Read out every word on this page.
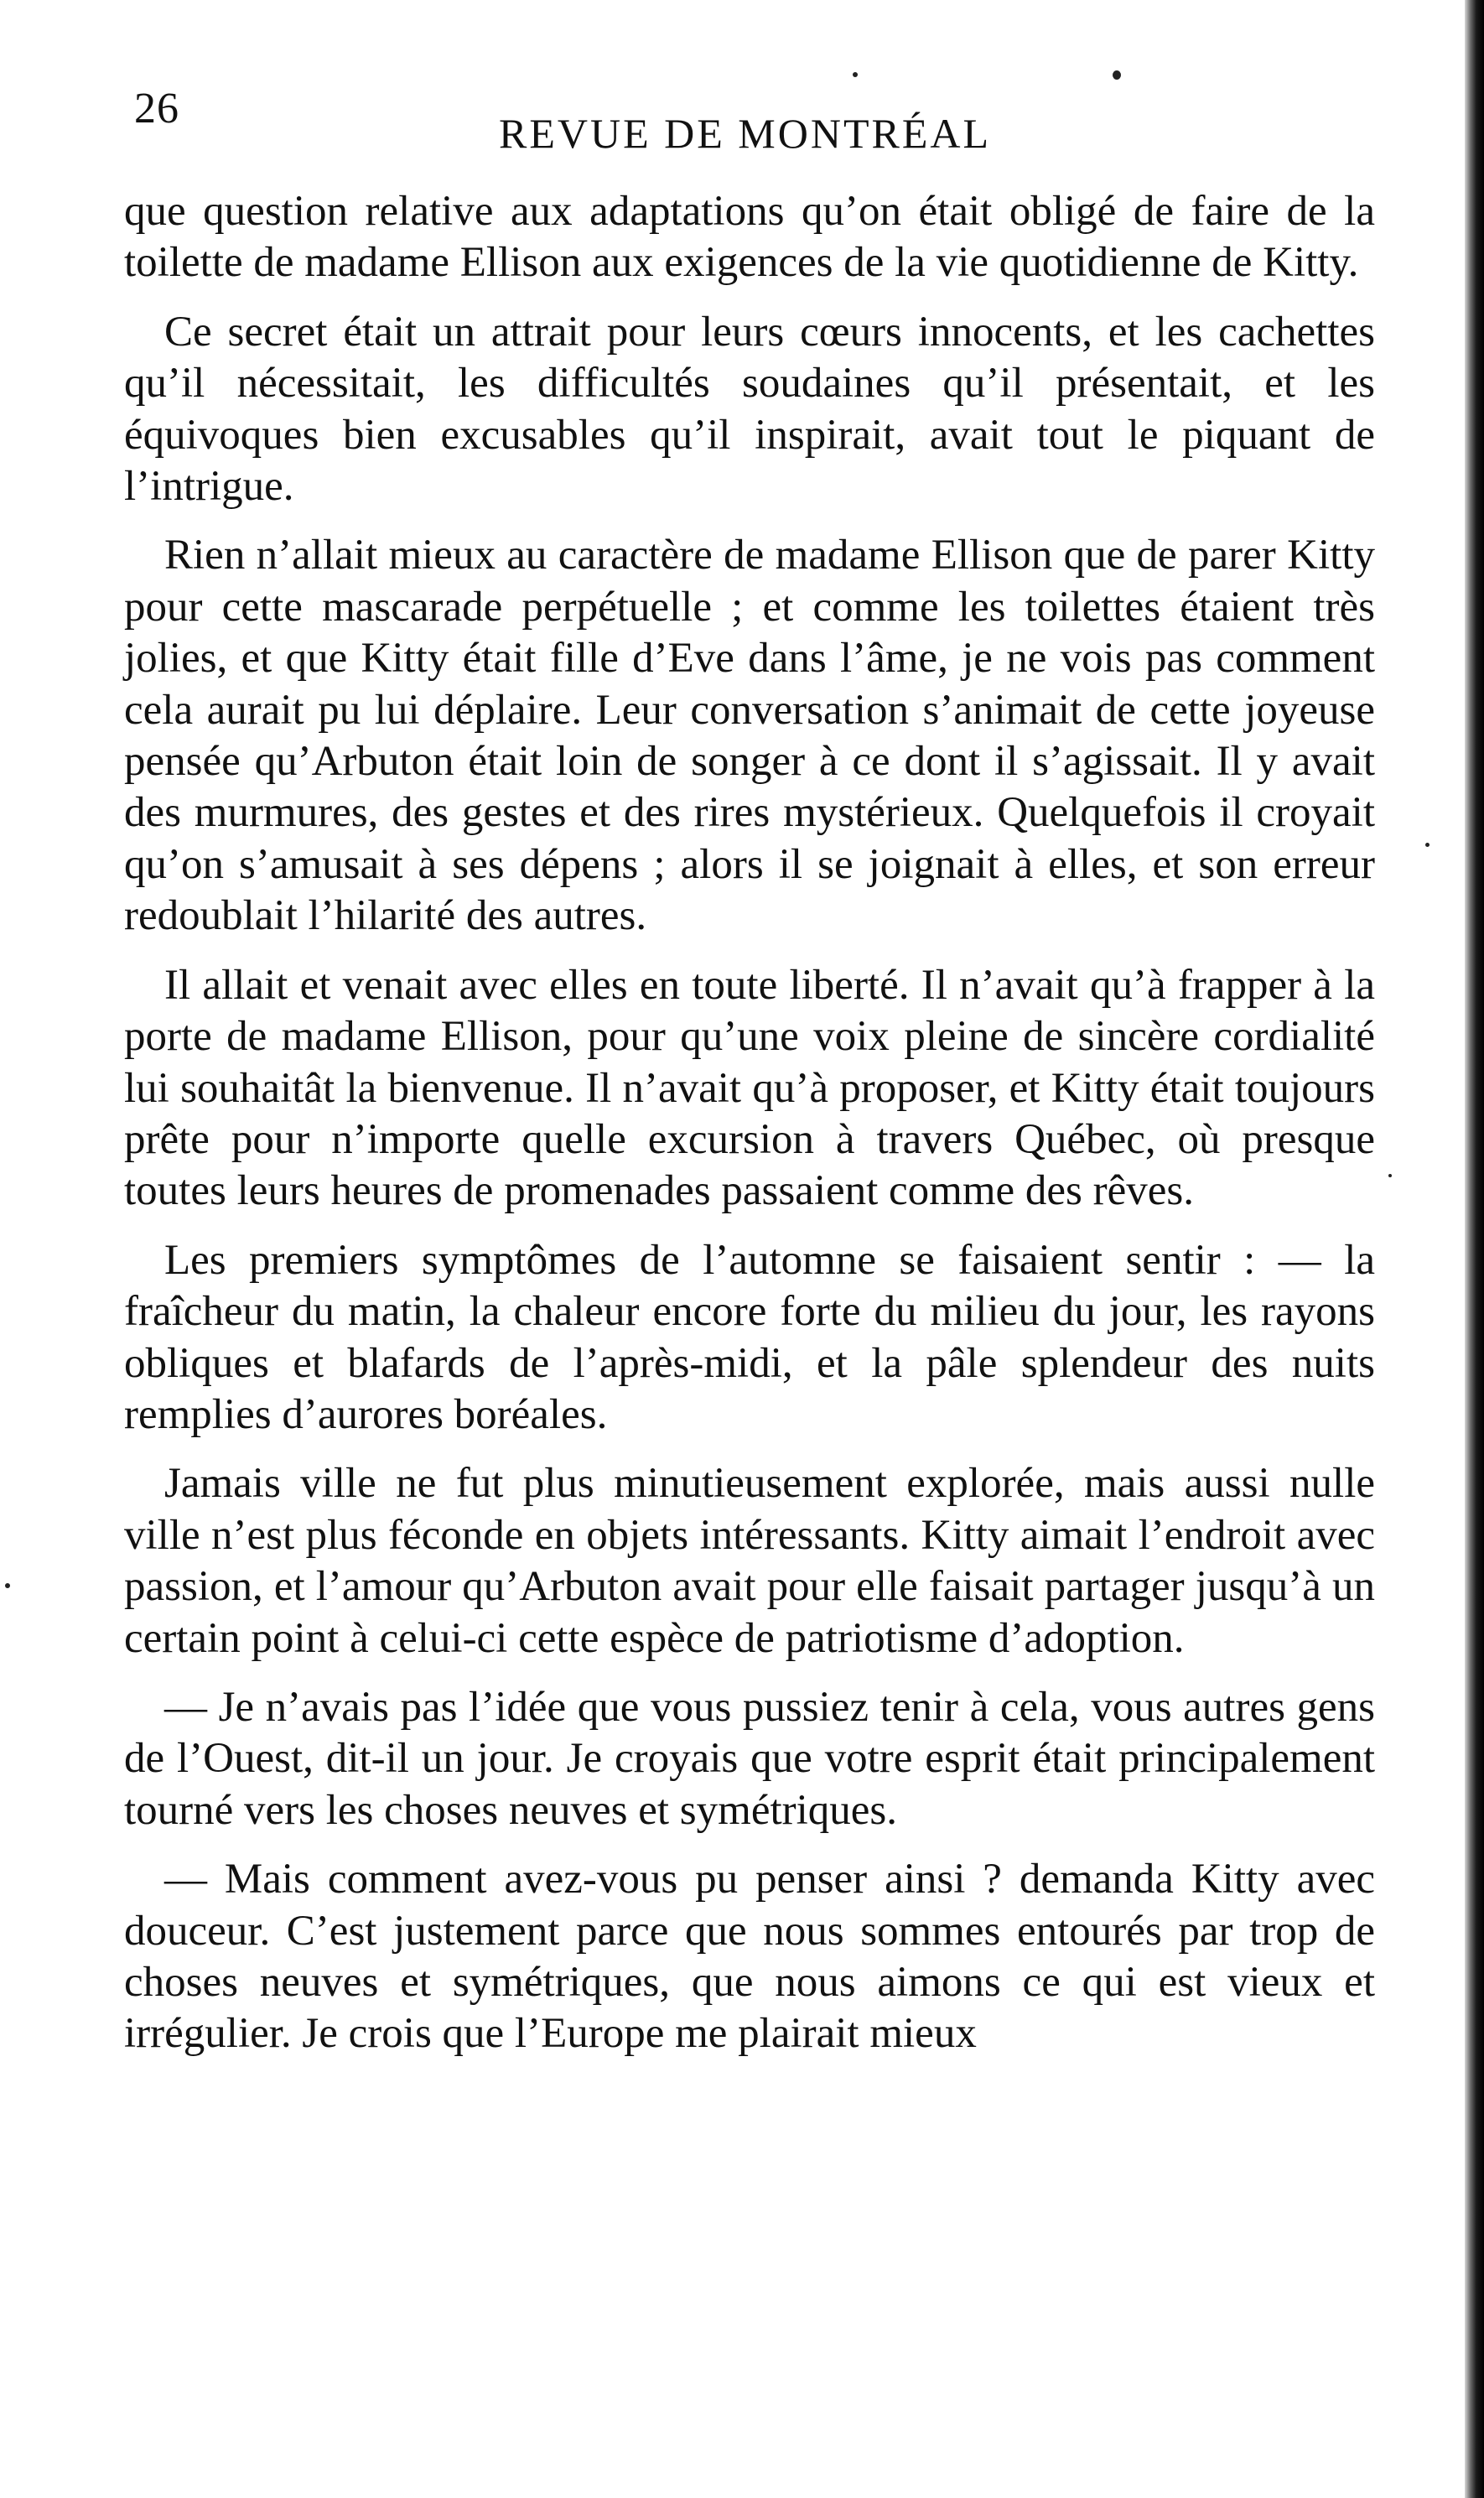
26
REVUE DE MONTRÉAL

que question relative aux adaptations qu’on était obligé de faire de la toilette de madame Ellison aux exigences de la vie quotidienne de Kitty.

Ce secret était un attrait pour leurs cœurs innocents, et les cachettes qu’il nécessitait, les difficultés soudaines qu’il présentait, et les équivoques bien excusables qu’il inspirait, avait tout le piquant de l’intrigue.

Rien n’allait mieux au caractère de madame Ellison que de parer Kitty pour cette mascarade perpétuelle ; et comme les toilettes étaient très jolies, et que Kitty était fille d’Eve dans l’âme, je ne vois pas comment cela aurait pu lui déplaire. Leur conversation s’animait de cette joyeuse pensée qu’Arbuton était loin de songer à ce dont il s’agissait. Il y avait des murmures, des gestes et des rires mystérieux. Quelquefois il croyait qu’on s’amusait à ses dépens ; alors il se joignait à elles, et son erreur redoublait l’hilarité des autres.

Il allait et venait avec elles en toute liberté. Il n’avait qu’à frapper à la porte de madame Ellison, pour qu’une voix pleine de sincère cordialité lui souhaitât la bienvenue. Il n’avait qu’à proposer, et Kitty était toujours prête pour n’importe quelle excursion à travers Québec, où presque toutes leurs heures de promenades passaient comme des rêves.

Les premiers symptômes de l’automne se faisaient sentir : — la fraîcheur du matin, la chaleur encore forte du milieu du jour, les rayons obliques et blafards de l’après-midi, et la pâle splendeur des nuits remplies d’aurores boréales.

Jamais ville ne fut plus minutieusement explorée, mais aussi nulle ville n’est plus féconde en objets intéressants. Kitty aimait l’endroit avec passion, et l’amour qu’Arbuton avait pour elle faisait partager jusqu’à un certain point à celui-ci cette espèce de patriotisme d’adoption.

— Je n’avais pas l’idée que vous pussiez tenir à cela, vous autres gens de l’Ouest, dit-il un jour. Je croyais que votre esprit était principalement tourné vers les choses neuves et symétriques.

— Mais comment avez-vous pu penser ainsi ? demanda Kitty avec douceur. C’est justement parce que nous sommes entourés par trop de choses neuves et symétriques, que nous aimons ce qui est vieux et irrégulier. Je crois que l’Europe me plairait mieux
